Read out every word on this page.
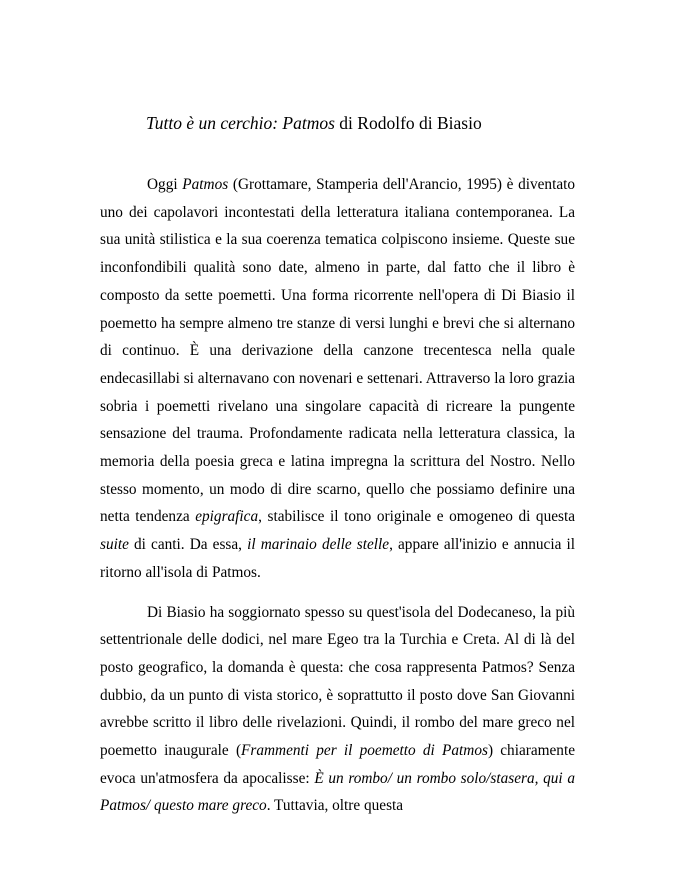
Tutto è un cerchio: Patmos di Rodolfo di Biasio

Oggi Patmos (Grottamare, Stamperia dell'Arancio, 1995) è diventato uno dei capolavori incontestati della letteratura italiana contemporanea. La sua unità stilistica e la sua coerenza tematica colpiscono insieme. Queste sue inconfondibili qualità sono date, almeno in parte, dal fatto che il libro è composto da sette poemetti. Una forma ricorrente nell'opera di Di Biasio il poemetto ha sempre almeno tre stanze di versi lunghi e brevi che si alternano di continuo. È una derivazione della canzone trecentesca nella quale endecasillabi si alternavano con novenari e settenari. Attraverso la loro grazia sobria i poemetti rivelano una singolare capacità di ricreare la pungente sensazione del trauma. Profondamente radicata nella letteratura classica, la memoria della poesia greca e latina impregna la scrittura del Nostro. Nello stesso momento, un modo di dire scarno, quello che possiamo definire una netta tendenza epigrafica, stabilisce il tono originale e omogeneo di questa suite di canti. Da essa, il marinaio delle stelle, appare all'inizio e annucia il ritorno all'isola di Patmos.

Di Biasio ha soggiornato spesso su quest'isola del Dodecaneso, la più settentrionale delle dodici, nel mare Egeo tra la Turchia e Creta. Al di là del posto geografico, la domanda è questa: che cosa rappresenta Patmos? Senza dubbio, da un punto di vista storico, è soprattutto il posto dove San Giovanni avrebbe scritto il libro delle rivelazioni. Quindi, il rombo del mare greco nel poemetto inaugurale (Frammenti per il poemetto di Patmos) chiaramente evoca un'atmosfera da apocalisse: È un rombo/ un rombo solo/stasera, qui a Patmos/ questo mare greco. Tuttavia, oltre questa
